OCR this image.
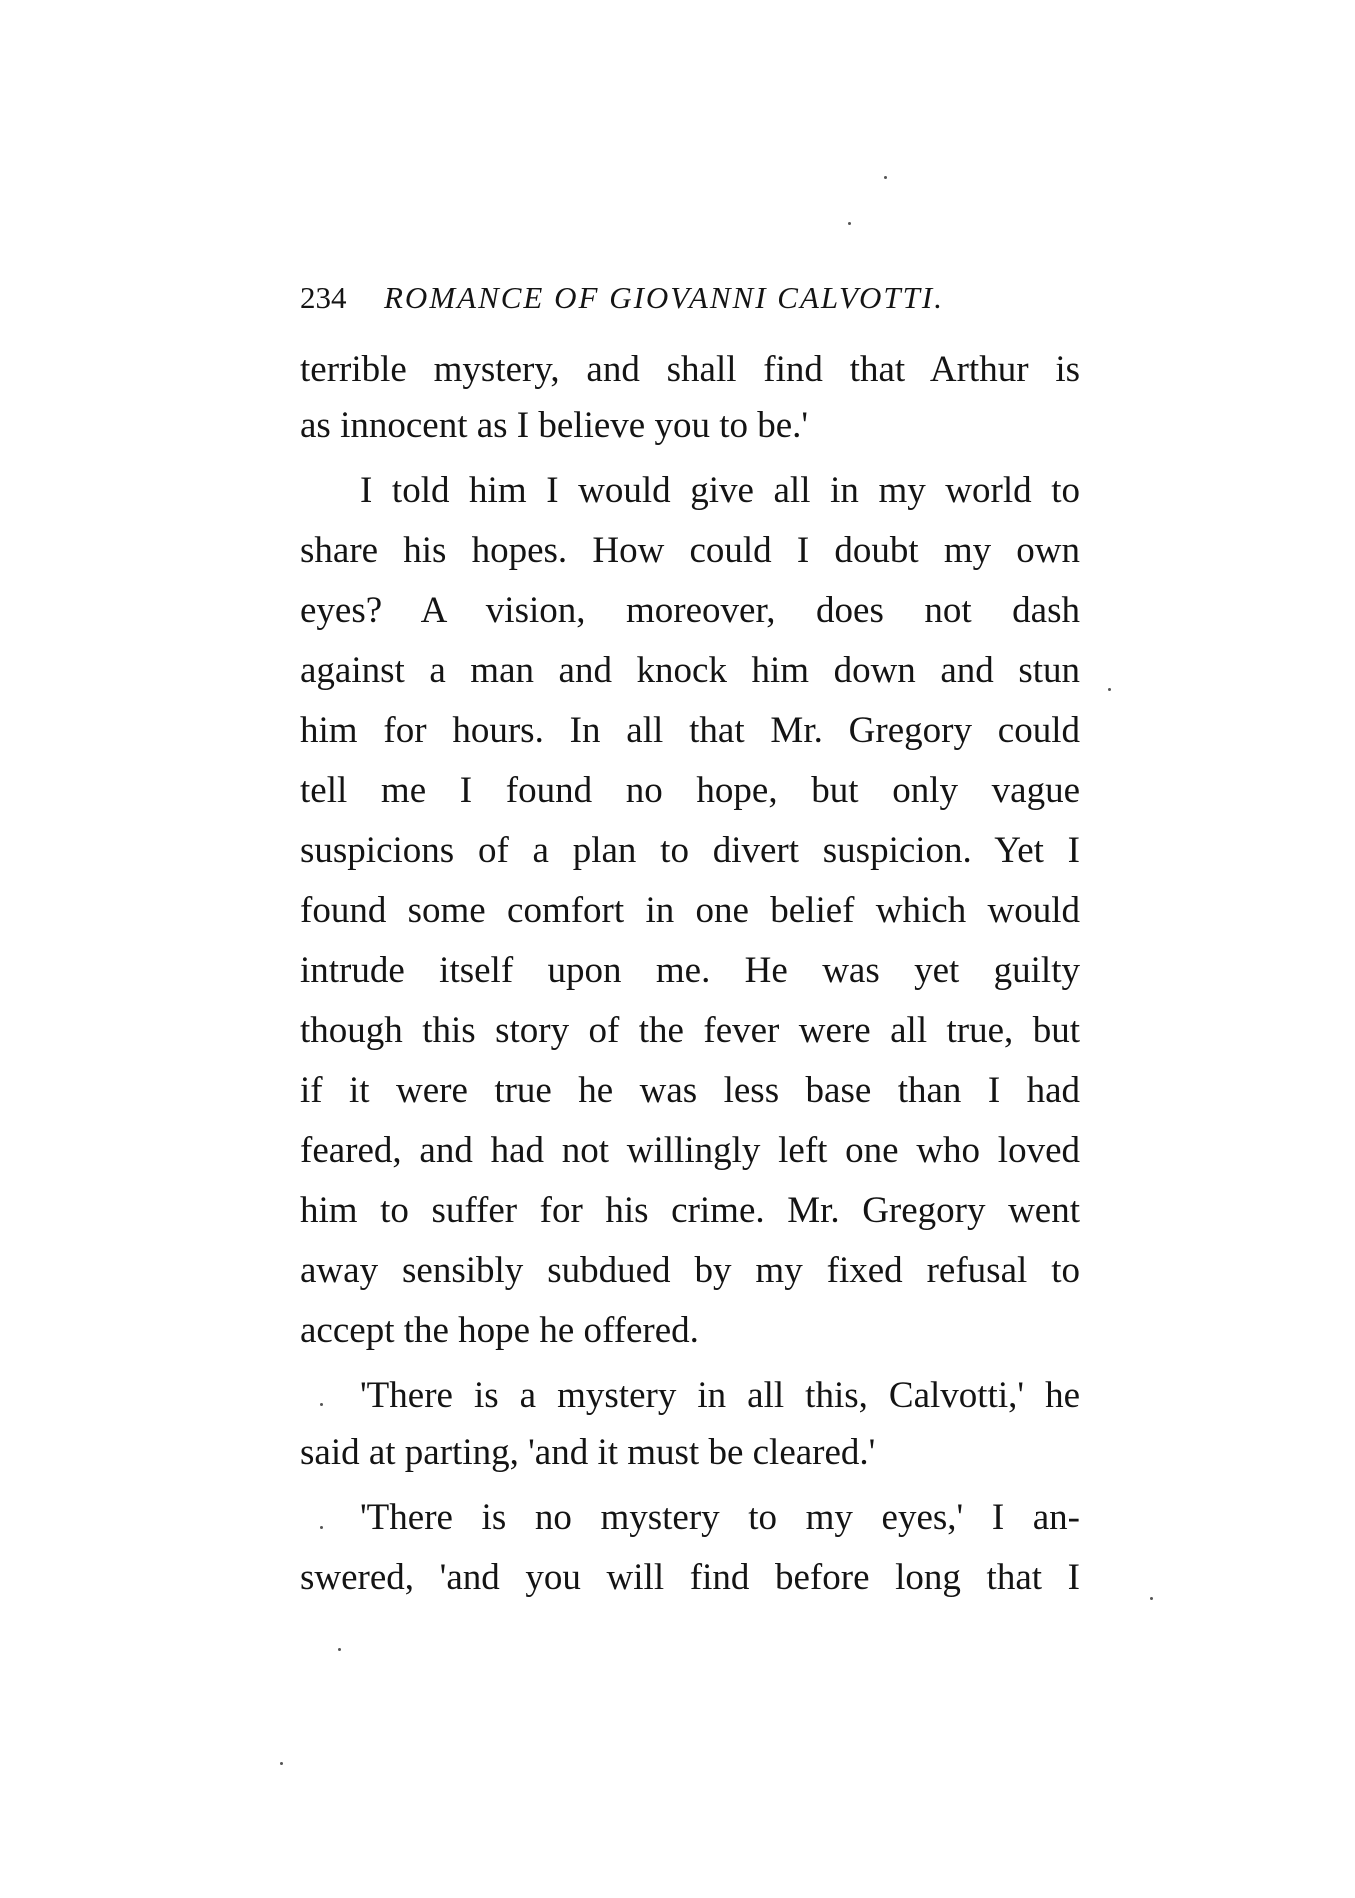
234 ROMANCE OF GIOVANNI CALVOTTI.
terrible mystery, and shall find that Arthur is
as innocent as I believe you to be.'
I told him I would give all in my world to
share his hopes. How could I doubt my own
eyes? A vision, moreover, does not dash
against a man and knock him down and stun
him for hours. In all that Mr. Gregory could
tell me I found no hope, but only vague
suspicions of a plan to divert suspicion. Yet I
found some comfort in one belief which would
intrude itself upon me. He was yet guilty
though this story of the fever were all true, but
if it were true he was less base than I had
feared, and had not willingly left one who loved
him to suffer for his crime. Mr. Gregory went
away sensibly subdued by my fixed refusal to
accept the hope he offered.
'There is a mystery in all this, Calvotti,' he
said at parting, 'and it must be cleared.'
'There is no mystery to my eyes,' I an-
swered, 'and you will find before long that I
